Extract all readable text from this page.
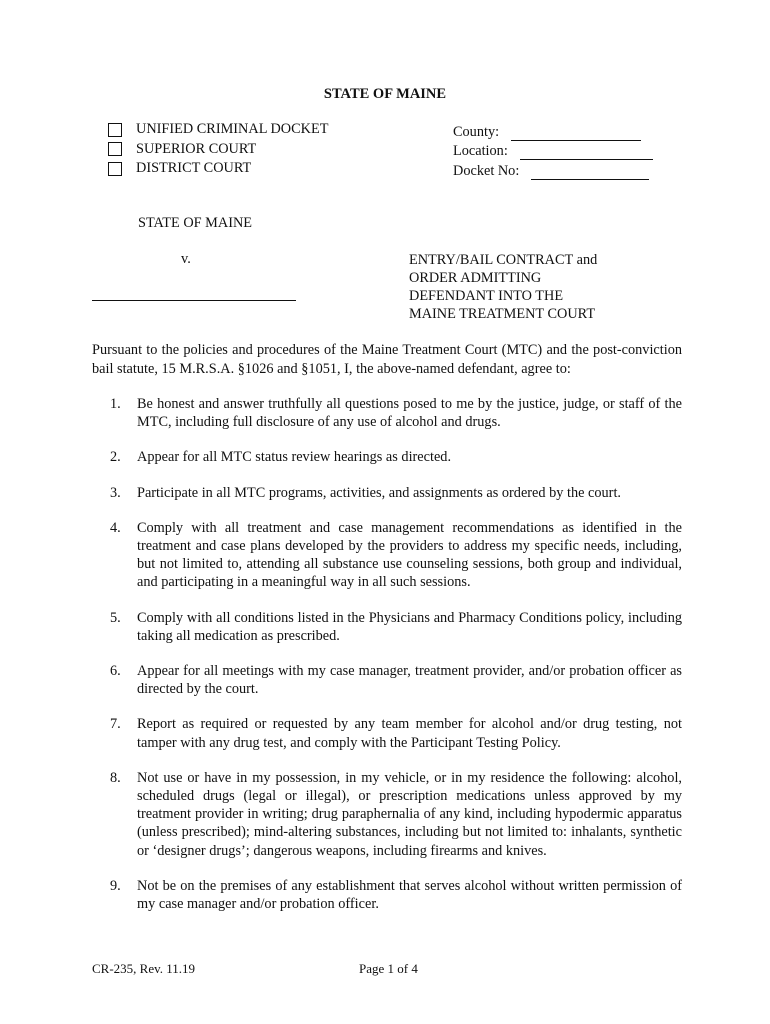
STATE OF MAINE
UNIFIED CRIMINAL DOCKET
SUPERIOR COURT
DISTRICT COURT
County:
Location:
Docket No:
STATE OF MAINE
v.	ENTRY/BAIL CONTRACT and
ORDER ADMITTING
DEFENDANT INTO THE
MAINE TREATMENT COURT
Pursuant to the policies and procedures of the Maine Treatment Court (MTC) and the post-conviction bail statute, 15 M.R.S.A. §1026 and §1051, I, the above-named defendant, agree to:
1.	Be honest and answer truthfully all questions posed to me by the justice, judge, or staff of the MTC, including full disclosure of any use of alcohol and drugs.
2.	Appear for all MTC status review hearings as directed.
3.	Participate in all MTC programs, activities, and assignments as ordered by the court.
4.	Comply with all treatment and case management recommendations as identified in the treatment and case plans developed by the providers to address my specific needs, including, but not limited to, attending all substance use counseling sessions, both group and individual, and participating in a meaningful way in all such sessions.
5.	Comply with all conditions listed in the Physicians and Pharmacy Conditions policy, including taking all medication as prescribed.
6.	Appear for all meetings with my case manager, treatment provider, and/or probation officer as directed by the court.
7.	Report as required or requested by any team member for alcohol and/or drug testing, not tamper with any drug test, and comply with the Participant Testing Policy.
8.	Not use or have in my possession, in my vehicle, or in my residence the following: alcohol, scheduled drugs (legal or illegal), or prescription medications unless approved by my treatment provider in writing; drug paraphernalia of any kind, including hypodermic apparatus (unless prescribed); mind-altering substances, including but not limited to: inhalants, synthetic or ‘designer drugs’; dangerous weapons, including firearms and knives.
9.	Not be on the premises of any establishment that serves alcohol without written permission of my case manager and/or probation officer.
CR-235, Rev. 11.19	Page 1 of 4
